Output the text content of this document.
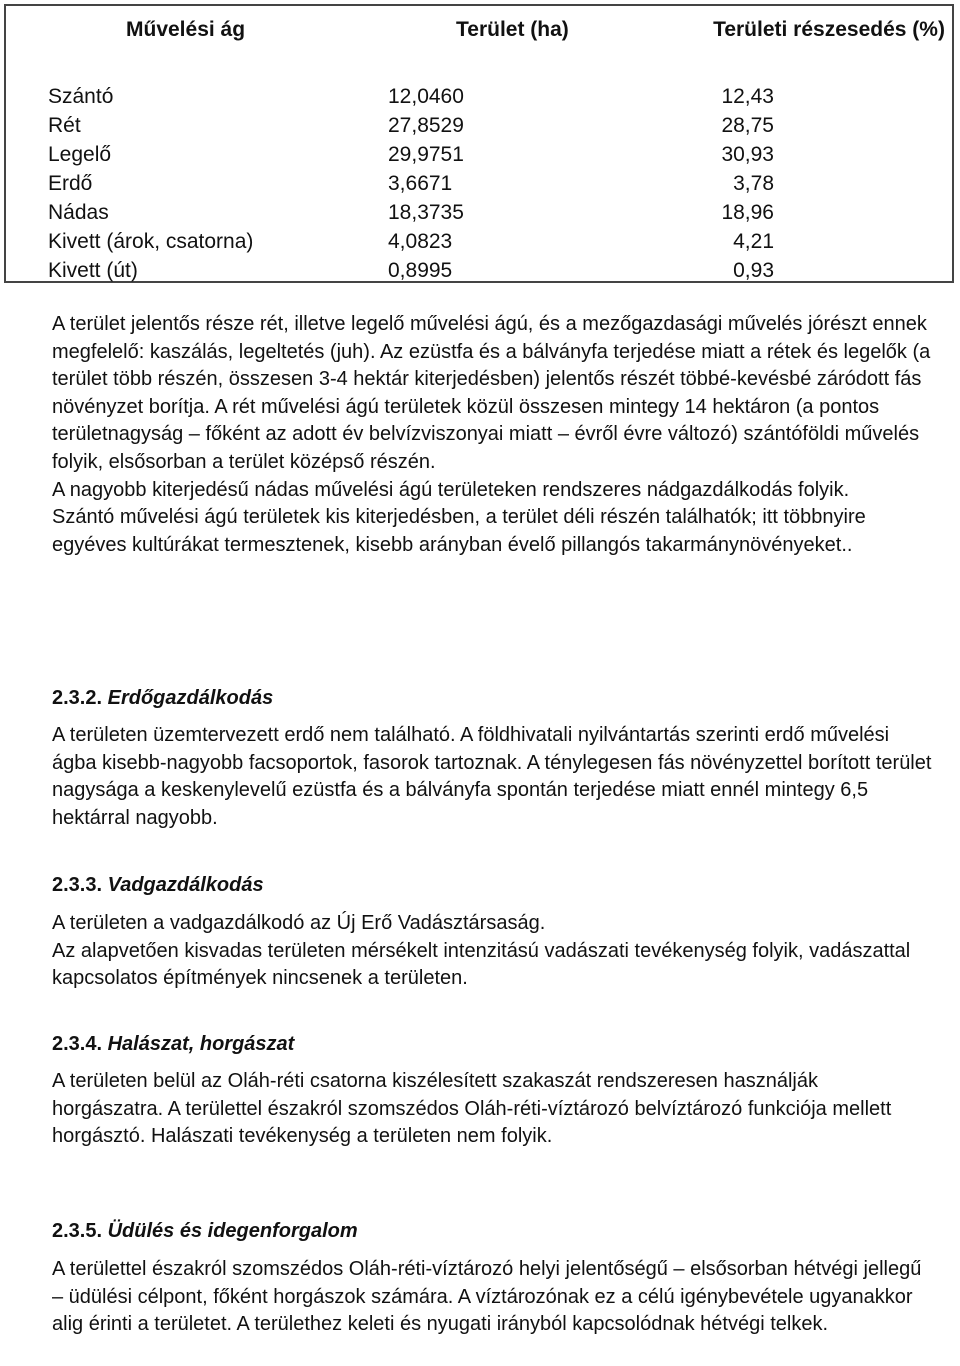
Művelési ág	Terület (ha)	Területi részesedés (%)
Szántó	12,0460	12,43
Rét	27,8529	28,75
Legelő	29,9751	30,93
Erdő	3,6671	3,78
Nádas	18,3735	18,96
Kivett (árok, csatorna)	4,0823	4,21
Kivett (út)	0,8995	0,93

A terület jelentős része rét, illetve legelő művelési ágú, és a mezőgazdasági művelés jórészt ennek megfelelő: kaszálás, legeltetés (juh). Az ezüstfa és a bálványfa terjedése miatt a rétek és legelők (a terület több részén, összesen 3-4 hektár kiterjedésben) jelentős részét többé-kevésbé záródott fás növényzet borítja. A rét művelési ágú területek közül összesen mintegy 14 hektáron (a pontos területnagyság – főként az adott év belvízviszonyai miatt – évről évre változó) szántóföldi művelés folyik, elsősorban a terület középső részén.

A nagyobb kiterjedésű nádas művelési ágú területeken rendszeres nádgazdálkodás folyik.

Szántó művelési ágú területek kis kiterjedésben, a terület déli részén találhatók; itt többnyire egyéves kultúrákat termesztenek, kisebb arányban évelő pillangós takarmánynövényeket..

2.3.2. Erdőgazdálkodás

A területen üzemtervezett erdő nem található. A földhivatali nyilvántartás szerinti erdő művelési ágba kisebb-nagyobb facsoportok, fasorok tartoznak. A ténylegesen fás növényzettel borított terület nagysága a keskenylevelű ezüstfa és a bálványfa spontán terjedése miatt ennél mintegy 6,5 hektárral nagyobb.

2.3.3. Vadgazdálkodás

A területen a vadgazdálkodó az Új Erő Vadásztársaság.

Az alapvetően kisvadas területen mérsékelt intenzitású vadászati tevékenység folyik, vadászattal kapcsolatos építmények nincsenek a területen.

2.3.4. Halászat, horgászat

A területen belül az Oláh-réti csatorna kiszélesített szakaszát rendszeresen használják horgászatra. A területtel északról szomszédos Oláh-réti-víztározó belvíztározó funkciója mellett horgásztó. Halászati tevékenység a területen nem folyik.

2.3.5. Üdülés és idegenforgalom

A területtel északról szomszédos Oláh-réti-víztározó helyi jelentőségű – elsősorban hétvégi jellegű – üdülési célpont, főként horgászok számára. A víztározónak ez a célú igénybevétele ugyanakkor alig érinti a területet. A területhez keleti és nyugati irányból kapcsolódnak hétvégi telkek.
